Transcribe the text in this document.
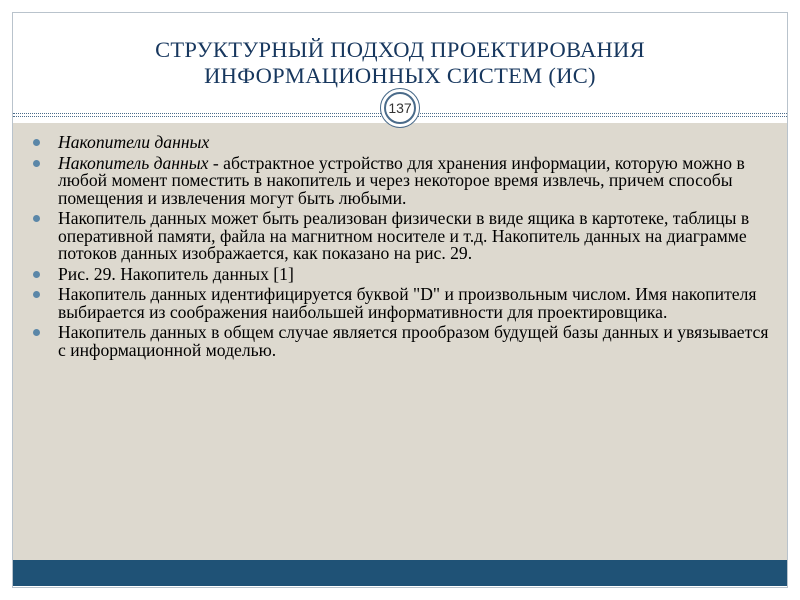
СТРУКТУРНЫЙ ПОДХОД ПРОЕКТИРОВАНИЯ
ИНФОРМАЦИОННЫХ СИСТЕМ (ИС)
137
Накопители данных
Накопитель данных - абстрактное устройство для хранения информации, которую можно в любой момент поместить в накопитель и через некоторое время извлечь, причем способы помещения и извлечения могут быть любыми.
Накопитель данных может быть реализован физически в виде ящика в картотеке, таблицы в оперативной памяти, файла на магнитном носителе и т.д. Накопитель данных на диаграмме потоков данных изображается, как показано на рис. 29.
Рис. 29. Накопитель данных [1]
Накопитель данных идентифицируется буквой "D" и произвольным числом. Имя накопителя выбирается из соображения наибольшей информативности для проектировщика.
Накопитель данных в общем случае является прообразом будущей базы данных и увязывается с информационной моделью.
